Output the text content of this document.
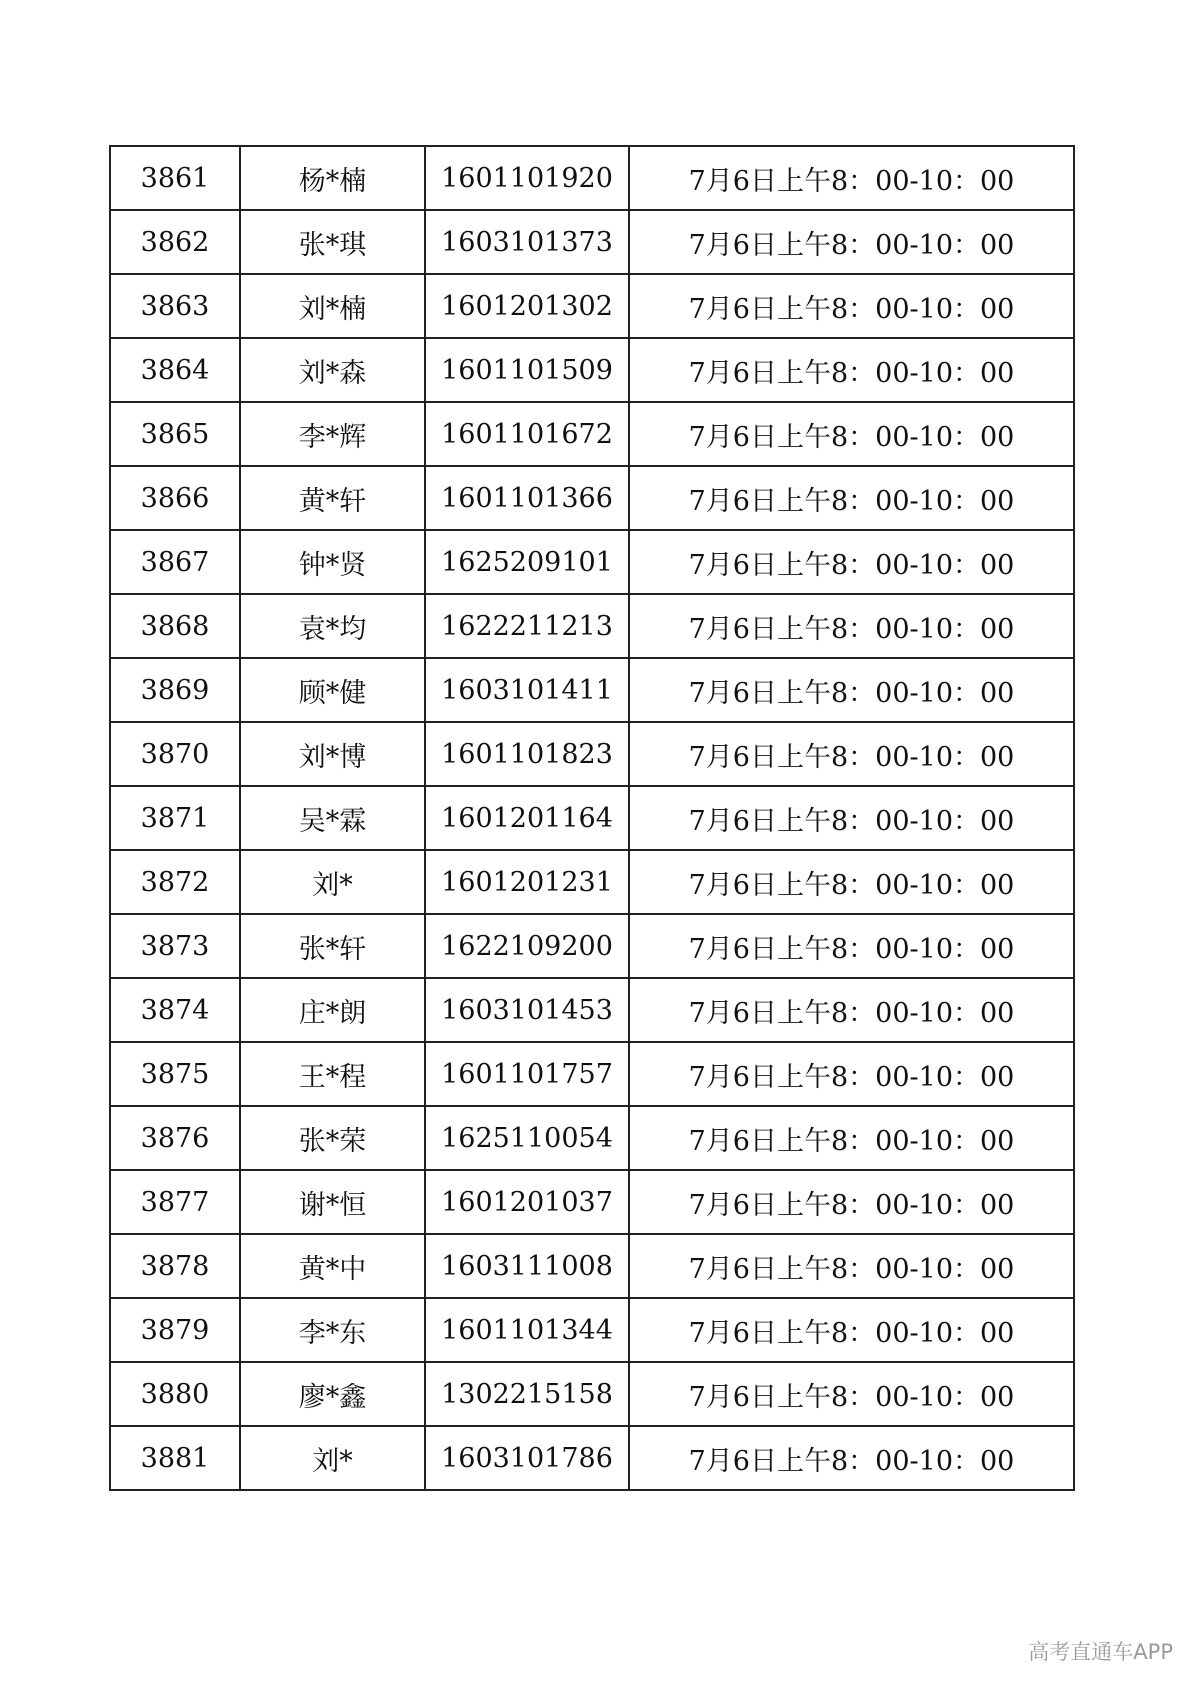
3861	杨*楠	1601101920	7月6日上午8：00-10：00
3862	张*琪	1603101373	7月6日上午8：00-10：00
3863	刘*楠	1601201302	7月6日上午8：00-10：00
3864	刘*森	1601101509	7月6日上午8：00-10：00
3865	李*辉	1601101672	7月6日上午8：00-10：00
3866	黄*轩	1601101366	7月6日上午8：00-10：00
3867	钟*贤	1625209101	7月6日上午8：00-10：00
3868	袁*均	1622211213	7月6日上午8：00-10：00
3869	顾*健	1603101411	7月6日上午8：00-10：00
3870	刘*博	1601101823	7月6日上午8：00-10：00
3871	吴*霖	1601201164	7月6日上午8：00-10：00
3872	刘*	1601201231	7月6日上午8：00-10：00
3873	张*轩	1622109200	7月6日上午8：00-10：00
3874	庄*朗	1603101453	7月6日上午8：00-10：00
3875	王*程	1601101757	7月6日上午8：00-10：00
3876	张*荣	1625110054	7月6日上午8：00-10：00
3877	谢*恒	1601201037	7月6日上午8：00-10：00
3878	黄*中	1603111008	7月6日上午8：00-10：00
3879	李*东	1601101344	7月6日上午8：00-10：00
3880	廖*鑫	1302215158	7月6日上午8：00-10：00
3881	刘*	1603101786	7月6日上午8：00-10：00
高考直通车APP
